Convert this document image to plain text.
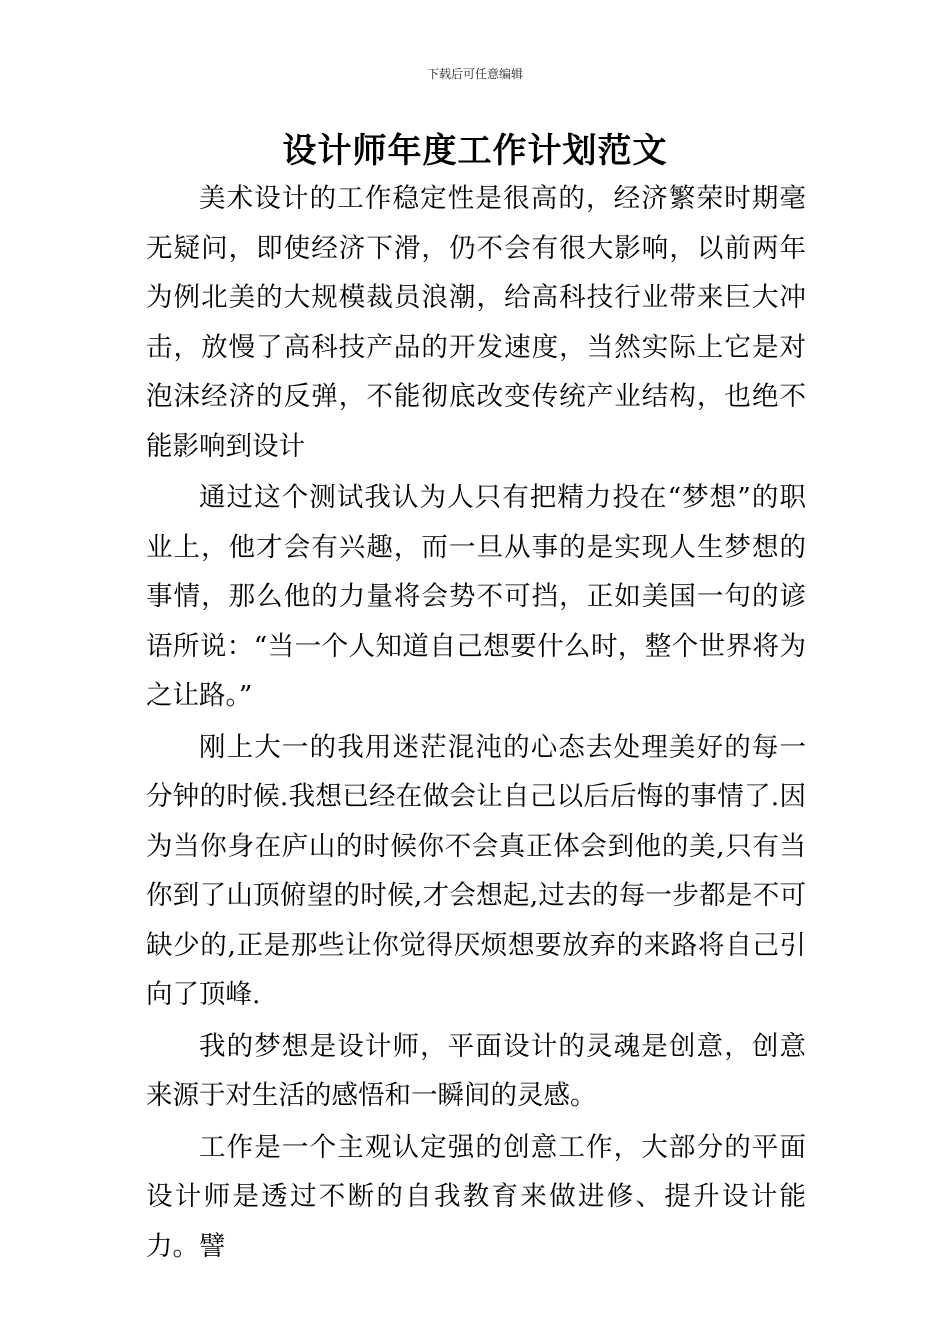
下载后可任意编辑
设计师年度工作计划范文

美术设计的工作稳定性是很高的，经济繁荣时期毫无疑问，即使经济下滑，仍不会有很大影响，以前两年为例北美的大规模裁员浪潮，给高科技行业带来巨大冲击，放慢了高科技产品的开发速度，当然实际上它是对泡沫经济的反弹，不能彻底改变传统产业结构，也绝不能影响到设计

通过这个测试我认为人只有把精力投在“梦想”的职业上，他才会有兴趣，而一旦从事的是实现人生梦想的事情，那么他的力量将会势不可挡，正如美国一句的谚语所说：“当一个人知道自己想要什么时，整个世界将为之让路。”

刚上大一的我用迷茫混沌的心态去处理美好的每一分钟的时候.我想已经在做会让自己以后后悔的事情了.因为当你身在庐山的时候你不会真正体会到他的美,只有当你到了山顶俯望的时候,才会想起,过去的每一步都是不可缺少的,正是那些让你觉得厌烦想要放弃的来路将自己引向了顶峰.

我的梦想是设计师，平面设计的灵魂是创意，创意来源于对生活的感悟和一瞬间的灵感。

工作是一个主观认定强的创意工作，大部分的平面设计师是透过不断的自我教育来做进修、提升设计能力。譬
